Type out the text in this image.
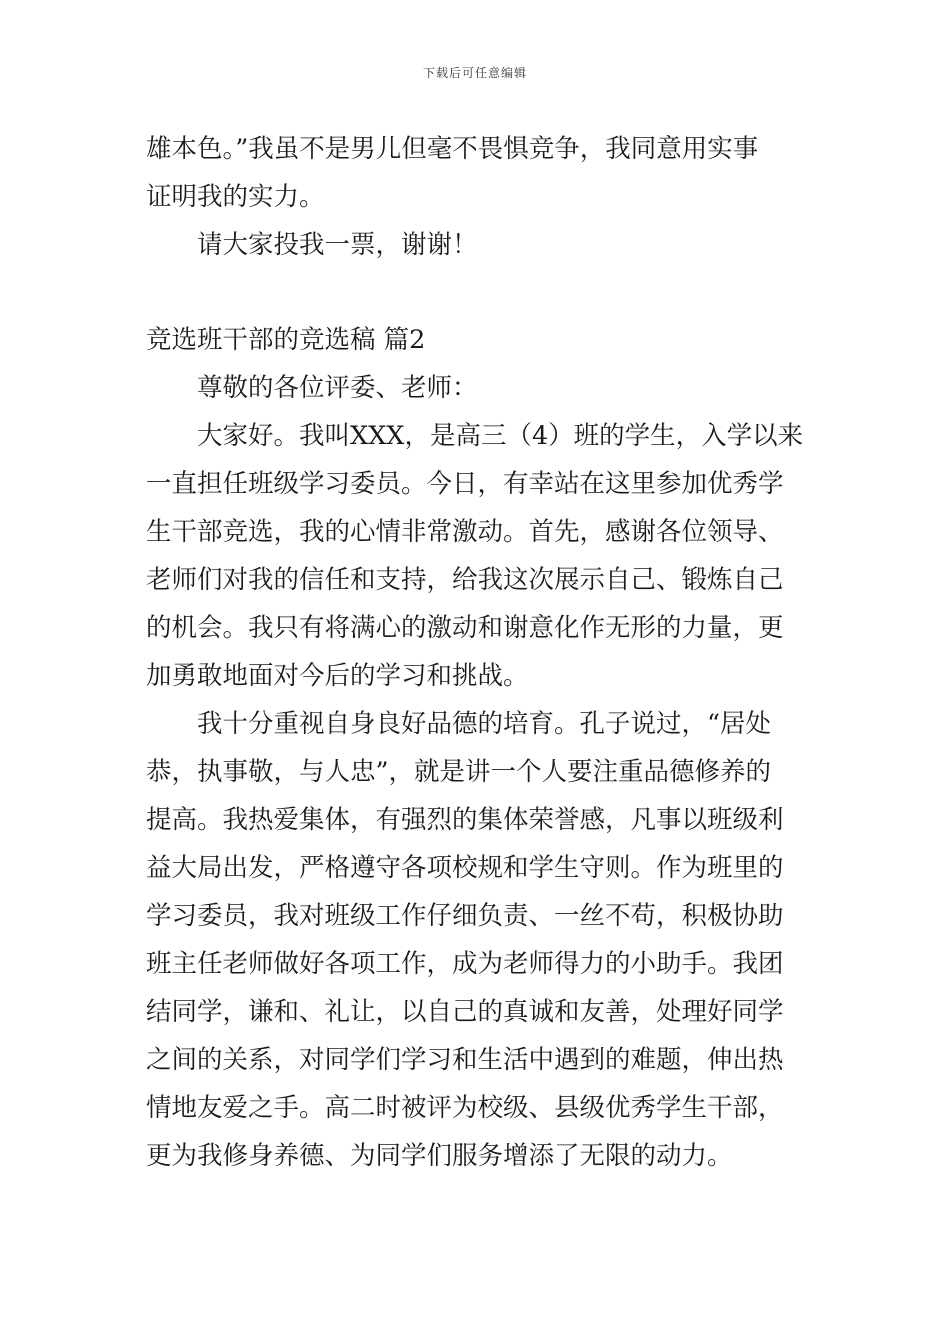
下载后可任意编辑
雄本色。”我虽不是男儿但毫不畏惧竞争，我同意用实事
证明我的实力。
请大家投我一票，谢谢！
竞选班干部的竞选稿 篇2
尊敬的各位评委、老师：
大家好。我叫XXX，是高三（4）班的学生，入学以来
一直担任班级学习委员。今日，有幸站在这里参加优秀学
生干部竞选，我的心情非常激动。首先，感谢各位领导、
老师们对我的信任和支持，给我这次展示自己、锻炼自己
的机会。我只有将满心的激动和谢意化作无形的力量，更
加勇敢地面对今后的学习和挑战。
我十分重视自身良好品德的培育。孔子说过，“居处
恭，执事敬，与人忠”，就是讲一个人要注重品德修养的
提高。我热爱集体，有强烈的集体荣誉感，凡事以班级利
益大局出发，严格遵守各项校规和学生守则。作为班里的
学习委员，我对班级工作仔细负责、一丝不苟，积极协助
班主任老师做好各项工作，成为老师得力的小助手。我团
结同学，谦和、礼让，以自己的真诚和友善，处理好同学
之间的关系，对同学们学习和生活中遇到的难题，伸出热
情地友爱之手。高二时被评为校级、县级优秀学生干部，
更为我修身养德、为同学们服务增添了无限的动力。
